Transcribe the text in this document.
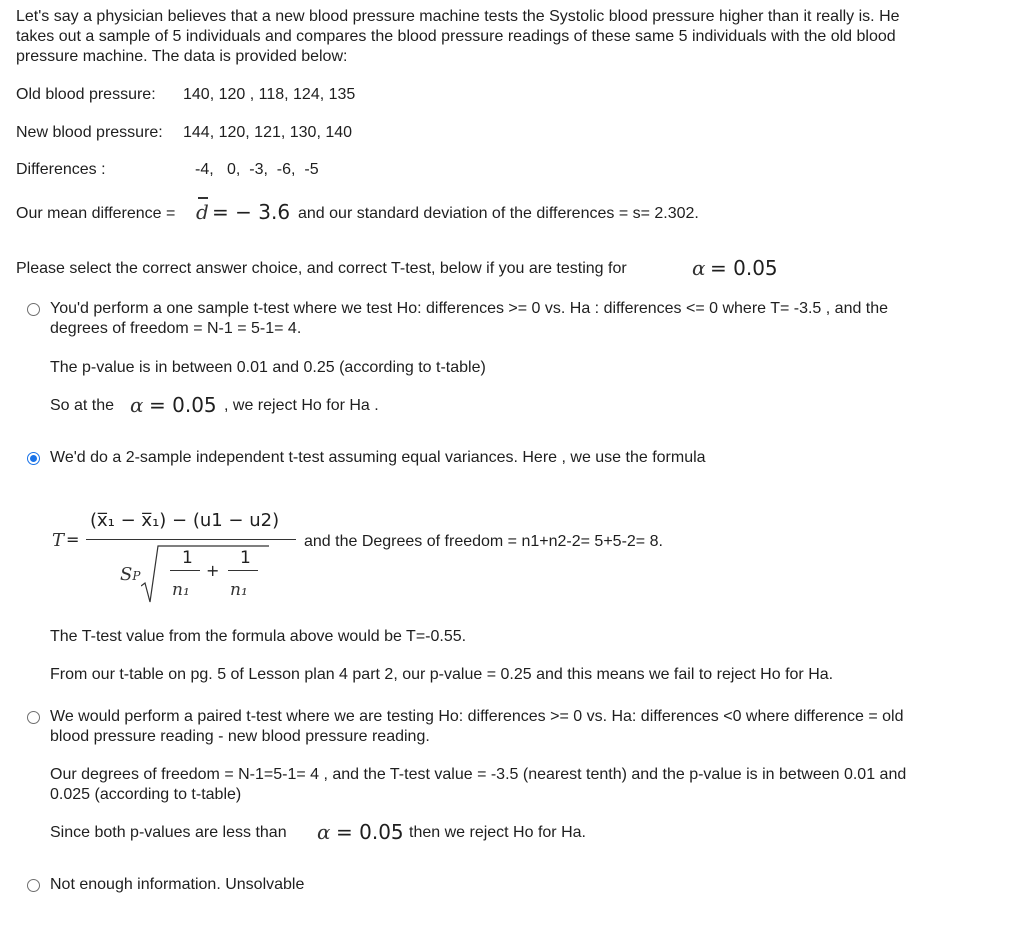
Let's say a physician believes that a new blood pressure machine tests the Systolic blood pressure higher than it really is. He
takes out a sample of 5 individuals and compares the blood pressure readings of these same 5 individuals with the old blood
pressure machine. The data is provided below:
Old blood pressure: 140, 120 , 118, 124, 135
New blood pressure: 144, 120, 121, 130, 140
Differences :	-4,   0,  -3,  -6,  -5
Our mean difference = d = − 3.6 and our standard deviation of the differences = s= 2.302.
Please select the correct answer choice, and correct T-test, below if you are testing for	α = 0.05
You'd perform a one sample t-test where we test Ho: differences >= 0 vs. Ha : differences <= 0 where T= -3.5 , and the
degrees of freedom = N-1 = 5-1= 4.
The p-value is in between 0.01 and 0.25 (according to t-table)
So at the α = 0.05 , we reject Ho for Ha .
We'd do a 2-sample independent t-test assuming equal variances. Here , we use the formula
T =
(x̅₁ − x̅₁) − (u1 − u2)
SP
1
n₁
+
1
n₁
and the Degrees of freedom = n1+n2-2= 5+5-2= 8.
The T-test value from the formula above would be T=-0.55.
From our t-table on pg. 5 of Lesson plan 4 part 2, our p-value = 0.25 and this means we fail to reject Ho for Ha.
We would perform a paired t-test where we are testing Ho: differences >= 0 vs. Ha: differences <0 where difference = old
blood pressure reading - new blood pressure reading.
Our degrees of freedom = N-1=5-1= 4 , and the T-test value = -3.5 (nearest tenth) and the p-value is in between 0.01 and
0.025 (according to t-table)
Since both p-values are less than α = 0.05 then we reject Ho for Ha.
Not enough information. Unsolvable
